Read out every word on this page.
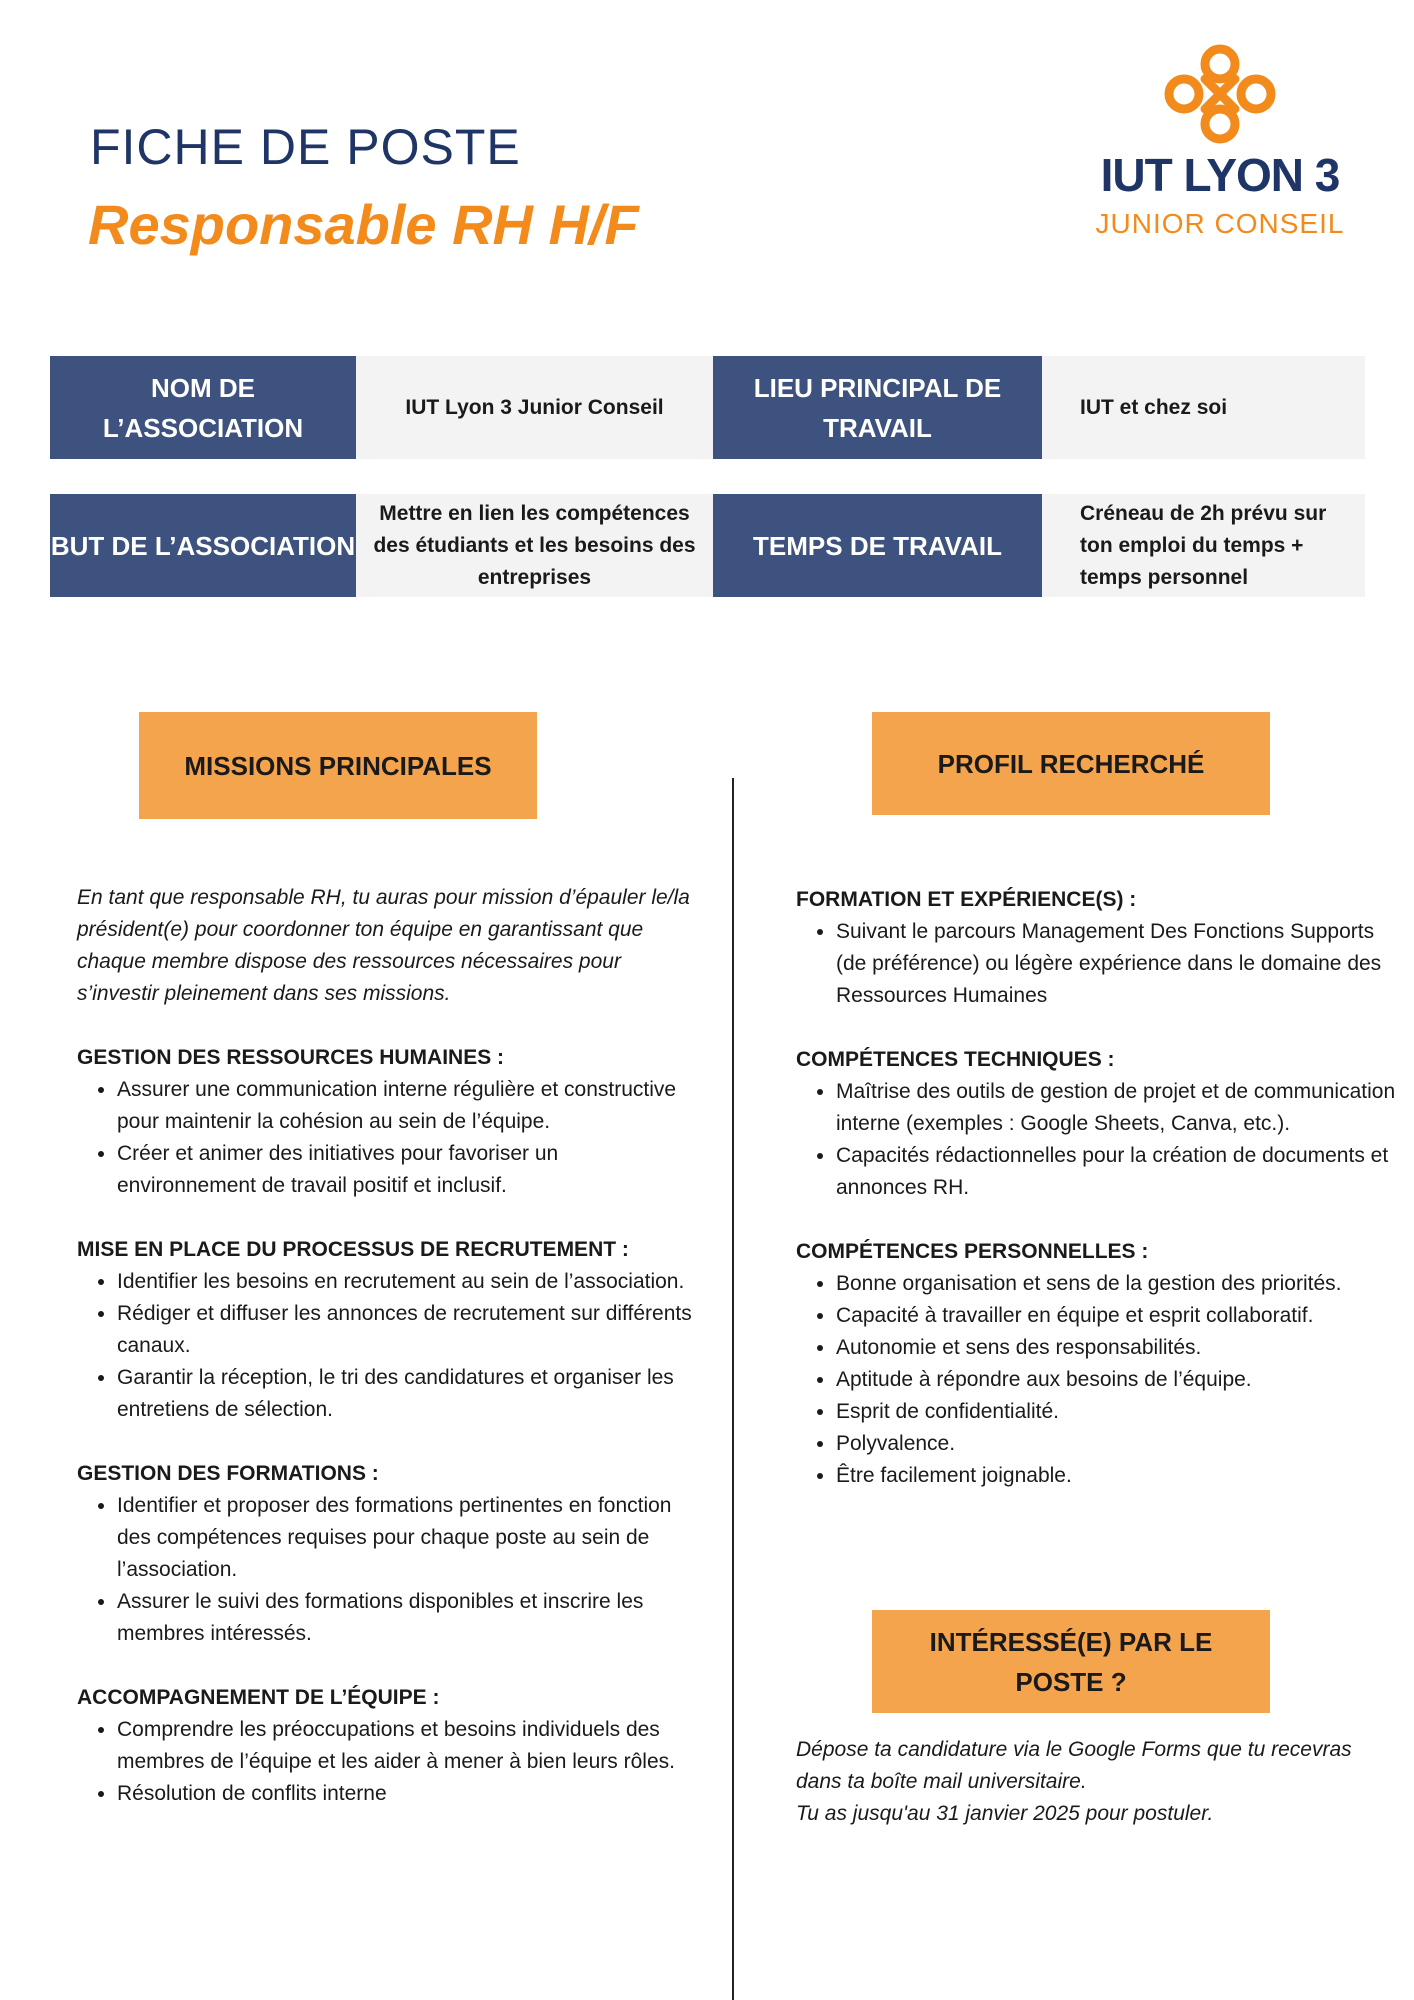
FICHE DE POSTE
Responsable RH H/F
IUT LYON 3
JUNIOR CONSEIL
NOM DE L’ASSOCIATION
IUT Lyon 3 Junior Conseil
LIEU PRINCIPAL DE TRAVAIL
IUT et chez soi
BUT DE L’ASSOCIATION
Mettre en lien les compétences des étudiants et les besoins des entreprises
TEMPS DE TRAVAIL
Créneau de 2h prévu sur ton emploi du temps + temps personnel
MISSIONS PRINCIPALES	PROFIL RECHERCHÉ

En tant que responsable RH, tu auras pour mission d’épauler le/la président(e) pour coordonner ton équipe en garantissant que chaque membre dispose des ressources nécessaires pour s’investir pleinement dans ses missions.

GESTION DES RESSOURCES HUMAINES :

• Assurer une communication interne régulière et constructive pour maintenir la cohésion au sein de l’équipe.
• Créer et animer des initiatives pour favoriser un environnement de travail positif et inclusif.

MISE EN PLACE DU PROCESSUS DE RECRUTEMENT :

• Identifier les besoins en recrutement au sein de l’association.
• Rédiger et diffuser les annonces de recrutement sur différents canaux.
• Garantir la réception, le tri des candidatures et organiser les entretiens de sélection.

GESTION DES FORMATIONS :

• Identifier et proposer des formations pertinentes en fonction des compétences requises pour chaque poste au sein de l’association.
• Assurer le suivi des formations disponibles et inscrire les membres intéressés.

ACCOMPAGNEMENT DE L’ÉQUIPE :

• Comprendre les préoccupations et besoins individuels des membres de l’équipe et les aider à mener à bien leurs rôles.
• Résolution de conflits interne

FORMATION ET EXPÉRIENCE(S) :

• Suivant le parcours Management Des Fonctions Supports (de préférence) ou légère expérience dans le domaine des Ressources Humaines

COMPÉTENCES TECHNIQUES :

• Maîtrise des outils de gestion de projet et de communication interne (exemples : Google Sheets, Canva, etc.).
• Capacités rédactionnelles pour la création de documents et annonces RH.

COMPÉTENCES PERSONNELLES :

• Bonne organisation et sens de la gestion des priorités.
• Capacité à travailler en équipe et esprit collaboratif.
• Autonomie et sens des responsabilités.
• Aptitude à répondre aux besoins de l’équipe.
• Esprit de confidentialité.
• Polyvalence.
• Être facilement joignable.
INTÉRESSÉ(E) PAR LE POSTE ?

Dépose ta candidature via le Google Forms que tu recevras dans ta boîte mail universitaire.

Tu as jusqu'au 31 janvier 2025 pour postuler.
